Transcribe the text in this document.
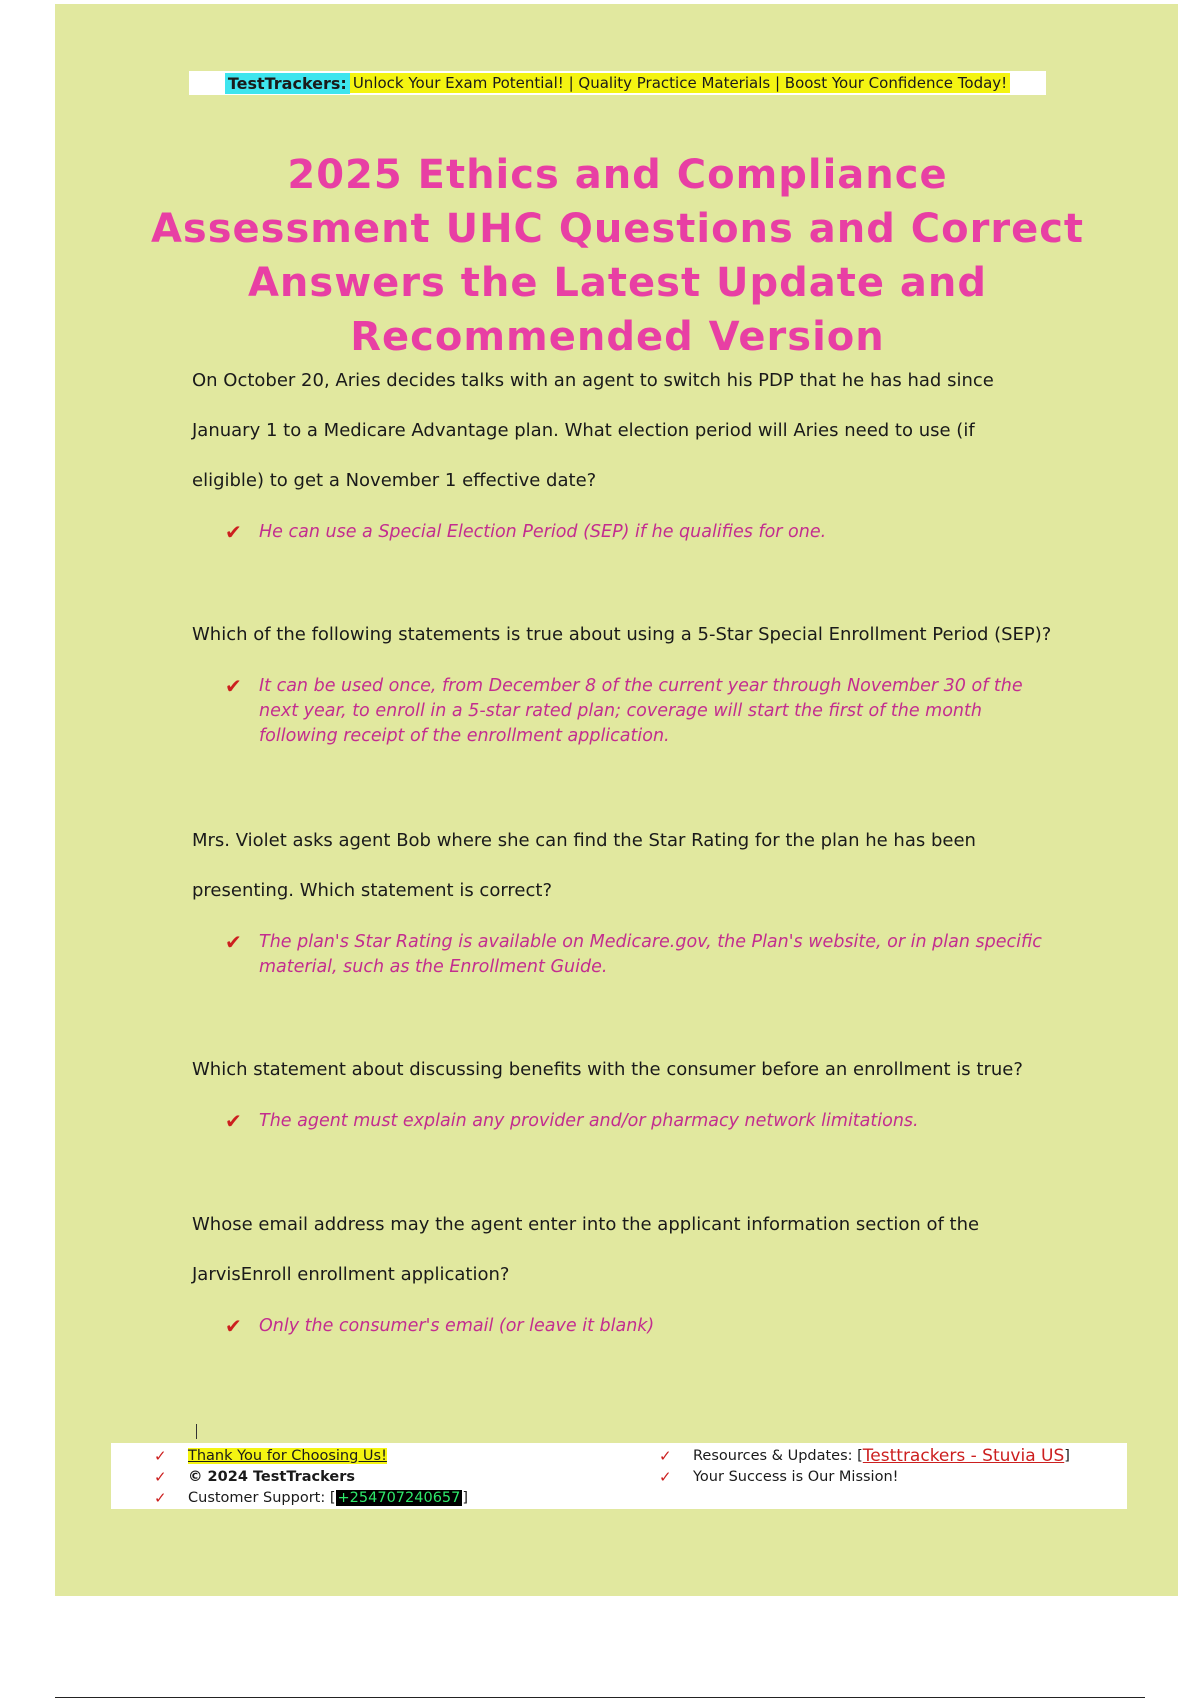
TestTrackers: Unlock Your Exam Potential! | Quality Practice Materials | Boost Your Confidence Today!
2025 Ethics and Compliance
Assessment UHC Questions and Correct
Answers the Latest Update and
Recommended Version

On October 20, Aries decides talks with an agent to switch his PDP that he has had since January 1 to a Medicare Advantage plan. What election period will Aries need to use (if eligible) to get a November 1 effective date?

✔ He can use a Special Election Period (SEP) if he qualifies for one.

Which of the following statements is true about using a 5-Star Special Enrollment Period (SEP)?

✔ It can be used once, from December 8 of the current year through November 30 of the next year, to enroll in a 5-star rated plan; coverage will start the first of the month following receipt of the enrollment application.

Mrs. Violet asks agent Bob where she can find the Star Rating for the plan he has been presenting. Which statement is correct?

✔ The plan's Star Rating is available on Medicare.gov, the Plan's website, or in plan specific material, such as the Enrollment Guide.

Which statement about discussing benefits with the consumer before an enrollment is true?

✔ The agent must explain any provider and/or pharmacy network limitations.

Whose email address may the agent enter into the applicant information section of the JarvisEnroll enrollment application?

✔ Only the consumer's email (or leave it blank)
✓	Thank You for Choosing Us!
✓	© 2024 TestTrackers
✓	Customer Support: [ +254707240657 ]
✓	Resources & Updates: [ Testtrackers - Stuvia US ]
✓	Your Success is Our Mission!
